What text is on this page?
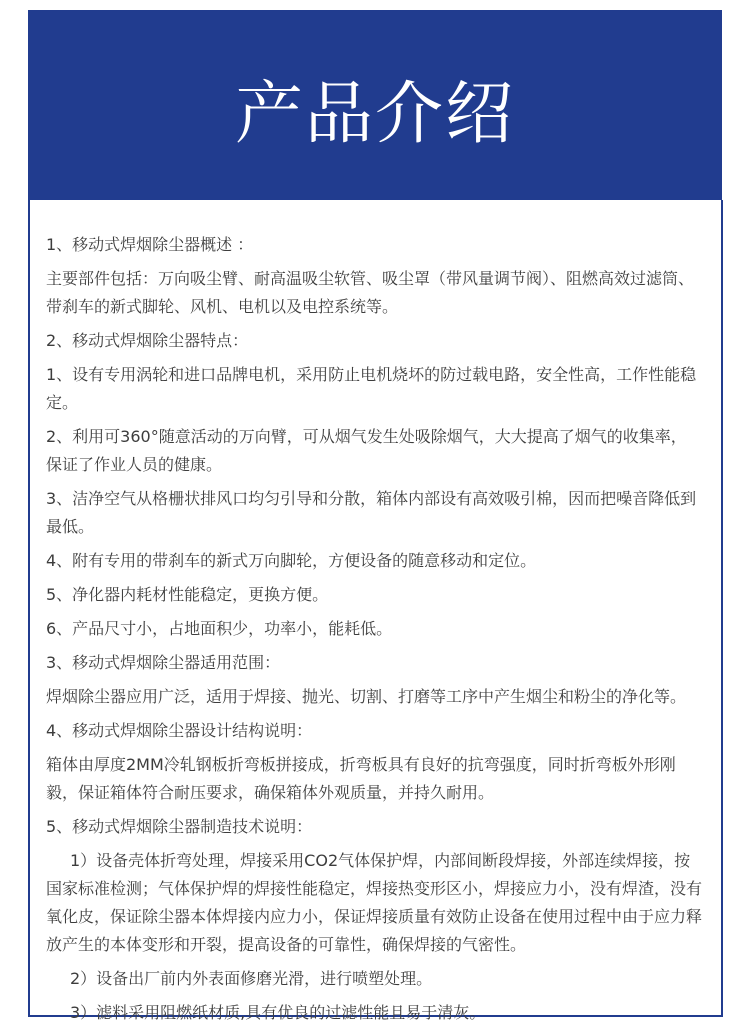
产品介绍

1、移动式焊烟除尘器概述 ：

主要部件包括：万向吸尘臂、耐高温吸尘软管、吸尘罩（带风量调节阀）、阻燃高效过滤筒、带刹车的新式脚轮、风机、电机以及电控系统等。

2、移动式焊烟除尘器特点：

1、设有专用涡轮和进口品牌电机，采用防止电机烧坏的防过载电路，安全性高，工作性能稳定。

2、利用可360°随意活动的万向臂，可从烟气发生处吸除烟气，大大提高了烟气的收集率，保证了作业人员的健康。

3、洁净空气从格栅状排风口均匀引导和分散，箱体内部设有高效吸引棉，因而把噪音降低到最低。

4、附有专用的带刹车的新式万向脚轮，方便设备的随意移动和定位。

5、净化器内耗材性能稳定，更换方便。

6、产品尺寸小，占地面积少，功率小，能耗低。

3、移动式焊烟除尘器适用范围：

焊烟除尘器应用广泛，适用于焊接、抛光、切割、打磨等工序中产生烟尘和粉尘的净化等。

4、移动式焊烟除尘器设计结构说明：

箱体由厚度2MM冷轧钢板折弯板拼接成，折弯板具有良好的抗弯强度，同时折弯板外形刚毅，保证箱体符合耐压要求，确保箱体外观质量，并持久耐用。

5、移动式焊烟除尘器制造技术说明：

1）设备壳体折弯处理，焊接采用CO2气体保护焊，内部间断段焊接，外部连续焊接，按国家标准检测；气体保护焊的焊接性能稳定，焊接热变形区小，焊接应力小，没有焊渣，没有氧化皮，保证除尘器本体焊接内应力小，保证焊接质量有效防止设备在使用过程中由于应力释放产生的本体变形和开裂，提高设备的可靠性，确保焊接的气密性。

2）设备出厂前内外表面修磨光滑，进行喷塑处理。

3）滤料采用阻燃纸材质,具有优良的过滤性能且易于清灰。
